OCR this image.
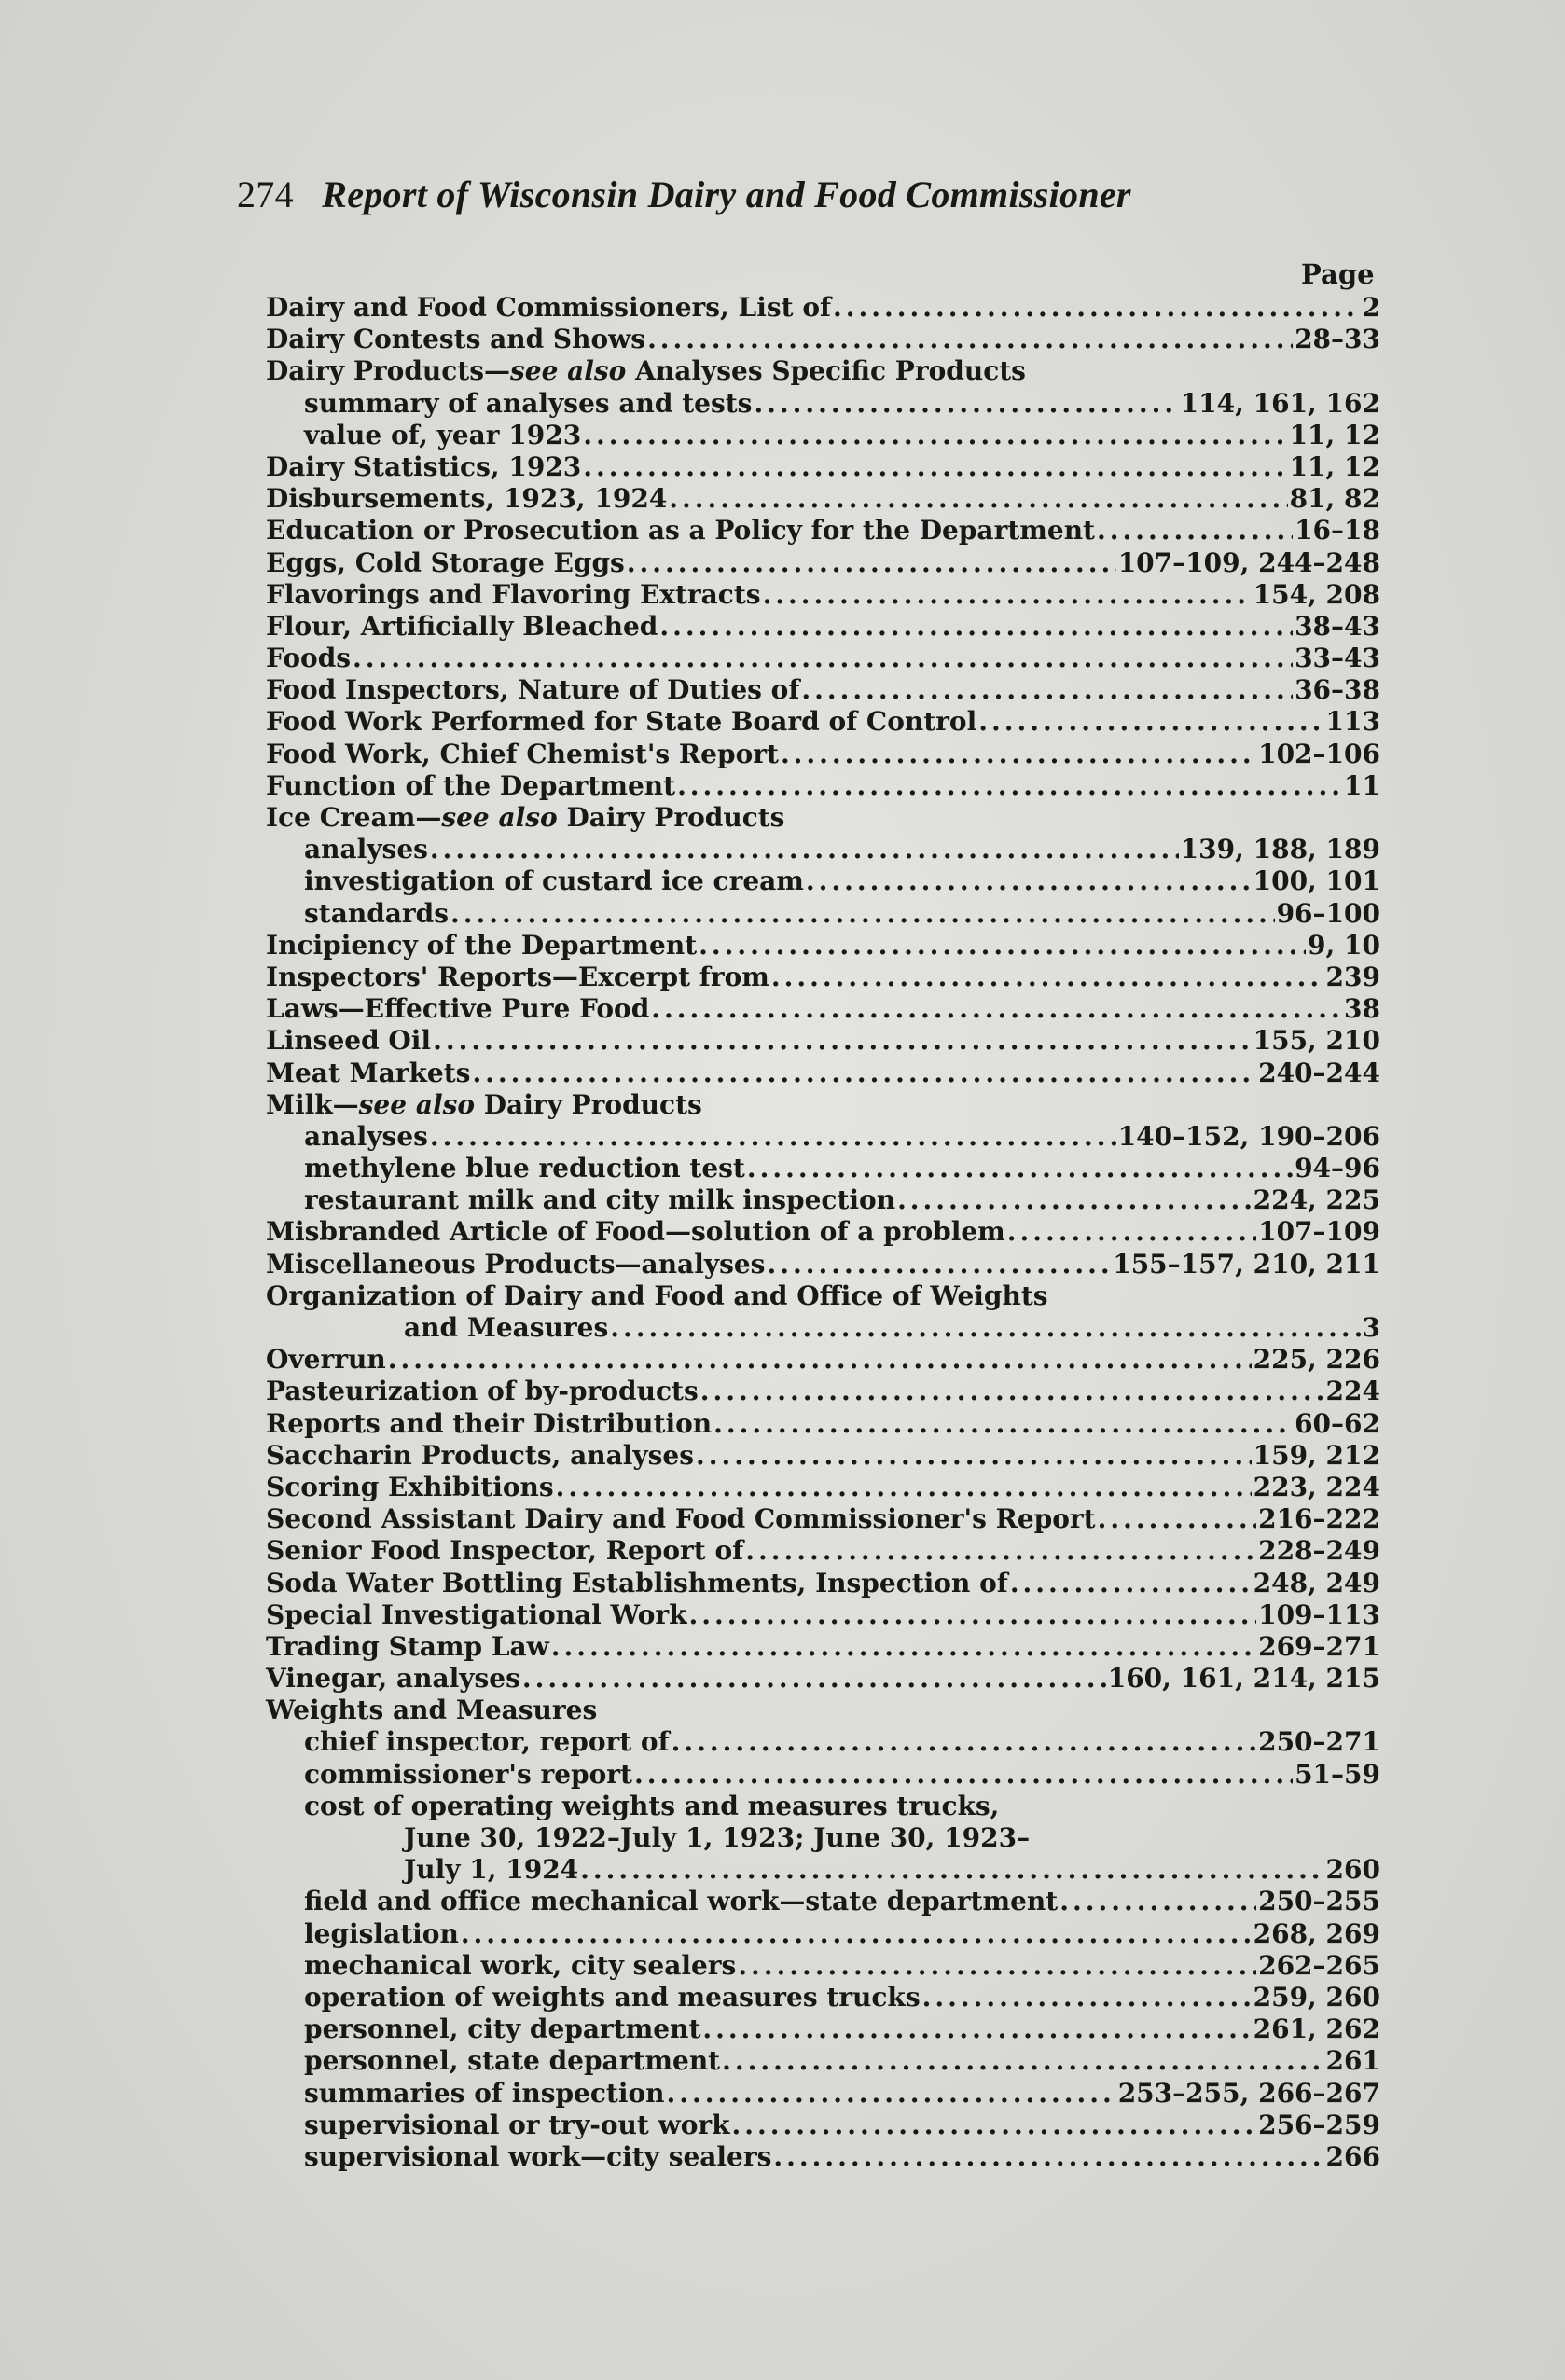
274 Report of Wisconsin Dairy and Food Commissioner
Page
Dairy and Food Commissioners, List of .....	2
Dairy Contests and Shows .....	28–33
Dairy Products—see also Analyses Specific Products
summary of analyses and tests .....	114, 161, 162
value of, year 1923 .....	11, 12
Dairy Statistics, 1923 .....	11, 12
Disbursements, 1923, 1924 .....	81, 82
Education or Prosecution as a Policy for the Department .....	16–18
Eggs, Cold Storage Eggs .....	107–109, 244–248
Flavorings and Flavoring Extracts .....	154, 208
Flour, Artificially Bleached .....	38–43
Foods .....	33–43
Food Inspectors, Nature of Duties of .....	36–38
Food Work Performed for State Board of Control .....	113
Food Work, Chief Chemist's Report .....	102–106
Function of the Department .....	11
Ice Cream—see also Dairy Products
analyses .....	139, 188, 189
investigation of custard ice cream .....	100, 101
standards .....	96–100
Incipiency of the Department .....	9, 10
Inspectors' Reports—Excerpt from .....	239
Laws—Effective Pure Food .....	38
Linseed Oil .....	155, 210
Meat Markets .....	240–244
Milk—see also Dairy Products
analyses .....	140–152, 190–206
methylene blue reduction test .....	94–96
restaurant milk and city milk inspection .....	224, 225
Misbranded Article of Food—solution of a problem .....	107–109
Miscellaneous Products—analyses .....	155–157, 210, 211
Organization of Dairy and Food and Office of Weights
and Measures .....	3
Overrun .....	225, 226
Pasteurization of by-products .....	224
Reports and their Distribution .....	60–62
Saccharin Products, analyses .....	159, 212
Scoring Exhibitions .....	223, 224
Second Assistant Dairy and Food Commissioner's Report .....	216–222
Senior Food Inspector, Report of .....	228–249
Soda Water Bottling Establishments, Inspection of .....	248, 249
Special Investigational Work .....	109–113
Trading Stamp Law .....	269–271
Vinegar, analyses .....	160, 161, 214, 215
Weights and Measures
chief inspector, report of .....	250–271
commissioner's report .....	51–59
cost of operating weights and measures trucks,
June 30, 1922–July 1, 1923; June 30, 1923–
July 1, 1924 .....	260
field and office mechanical work—state department .....	250–255
legislation .....	268, 269
mechanical work, city sealers .....	262–265
operation of weights and measures trucks .....	259, 260
personnel, city department .....	261, 262
personnel, state department .....	261
summaries of inspection .....	253–255, 266–267
supervisional or try-out work .....	256–259
supervisional work—city sealers .....	266
